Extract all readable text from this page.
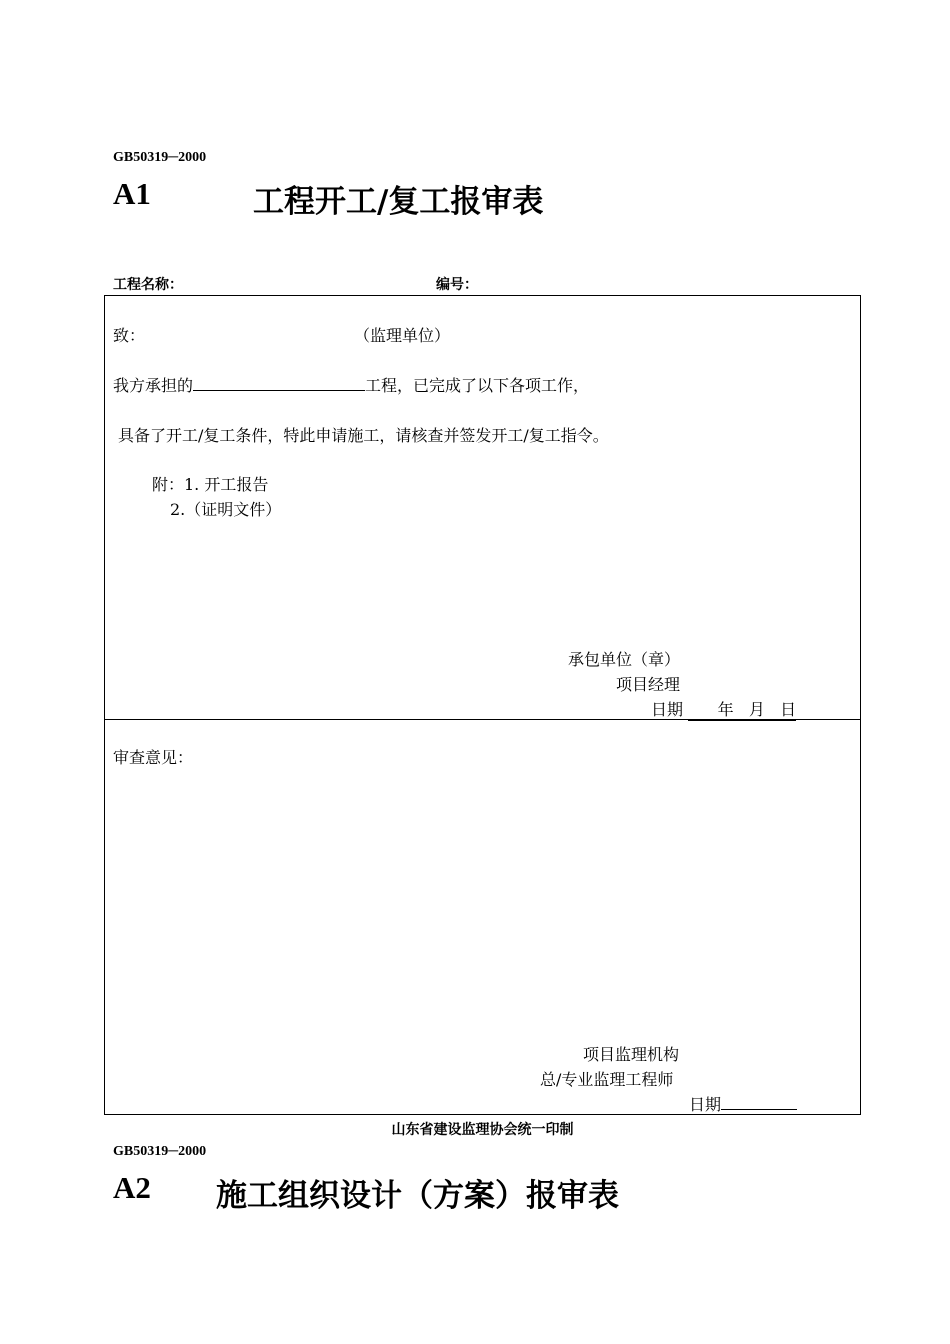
GB50319─2000
A1	工程开工/复工报审表
工程名称：	编号：
致：	（监理单位）
我方承担的	工程，已完成了以下各项工作，
具备了开工/复工条件，特此申请施工，请核查并签发开工/复工指令。
附：1. 开工报告
2.（证明文件）
承包单位（章）
项目经理
日期 年   月   日
审查意见：
项目监理机构
总/专业监理工程师
日期
山东省建设监理协会统一印制
GB50319─2000
A2 施工组织设计（方案）报审表
